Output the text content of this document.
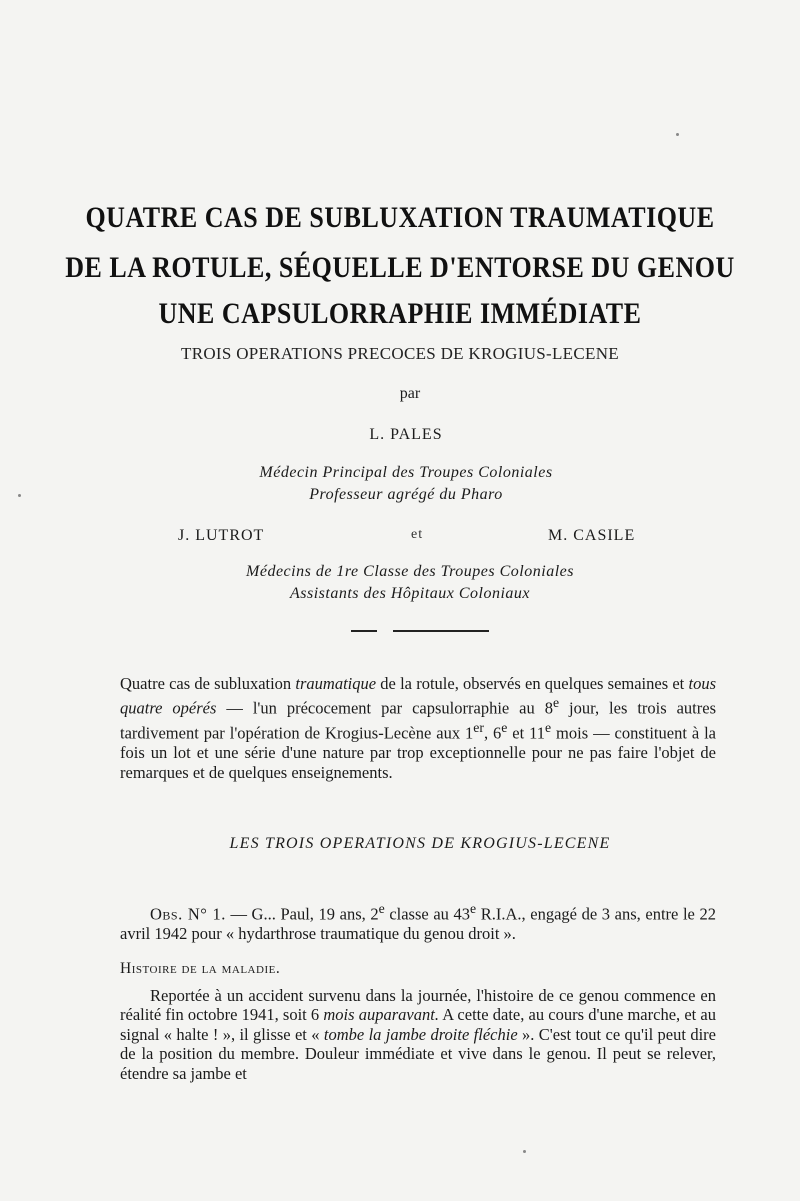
QUATRE CAS DE SUBLUXATION TRAUMATIQUE
DE LA ROTULE, SÉQUELLE D'ENTORSE DU GENOU
UNE CAPSULORRAPHIE IMMÉDIATE
TROIS OPERATIONS PRECOCES DE KROGIUS-LECENE
par
L. PALES
Médecin Principal des Troupes Coloniales
Professeur agrégé du Pharo
J. LUTROT	et	M. CASILE
Médecins de 1re Classe des Troupes Coloniales
Assistants des Hôpitaux Coloniaux

Quatre cas de subluxation traumatique de la rotule, observés en quelques semaines et tous quatre opérés — l'un précocement par capsulorraphie au 8e jour, les trois autres tardivement par l'opération de Krogius-Lecène aux 1er, 6e et 11e mois — constituent à la fois un lot et une série d'une nature par trop exceptionnelle pour ne pas faire l'objet de remarques et de quelques enseignements.

LES TROIS OPERATIONS DE KROGIUS-LECENE

Obs. N° 1. — G... Paul, 19 ans, 2e classe au 43e R.I.A., engagé de 3 ans, entre le 22 avril 1942 pour « hydarthrose traumatique du genou droit ».

Histoire de la maladie.

Reportée à un accident survenu dans la journée, l'histoire de ce genou commence en réalité fin octobre 1941, soit 6 mois auparavant. A cette date, au cours d'une marche, et au signal « halte ! », il glisse et « tombe la jambe droite fléchie ». C'est tout ce qu'il peut dire de la position du membre. Douleur immédiate et vive dans le genou. Il peut se relever, étendre sa jambe et
